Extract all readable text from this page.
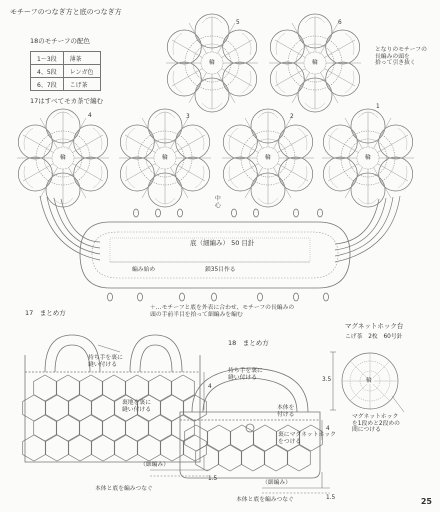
モチーフのつなぎ方と底のつなぎ方
18のモチーフの配色
1〜3段	薄茶
4、5段	レンガ色
6、7段	こげ茶
17はすべてモカ茶で編む
1
2
3
4
5	6
輪	輪
輪	輪	輪	輪
となりのモチーフの
長編みの頭を
拾って引き抜く
中
心
底（細編み） 50 目針
編み始め	鎖35目作る
＋…モチーフと底を外表に合わせ、モチーフの長編みの
頭の手前半目を拾って細編みを編む
17　まとめ方
持ち手を裏に
縫い付ける
裏地を裏に
縫い付ける
（細編み）
本体と底を編みつなぐ
4
1.5
18　まとめ方
持ち手を裏に
縫い付ける
裏にマグネットホック
をつける
本体を
付ける
（細編み）
本体と底を編みつなぐ
4
1.5
マグネットホック台
こげ茶　2枚　60号針
3.5	輪
マグネットホック
を1段めと2段めの
間につける
25
